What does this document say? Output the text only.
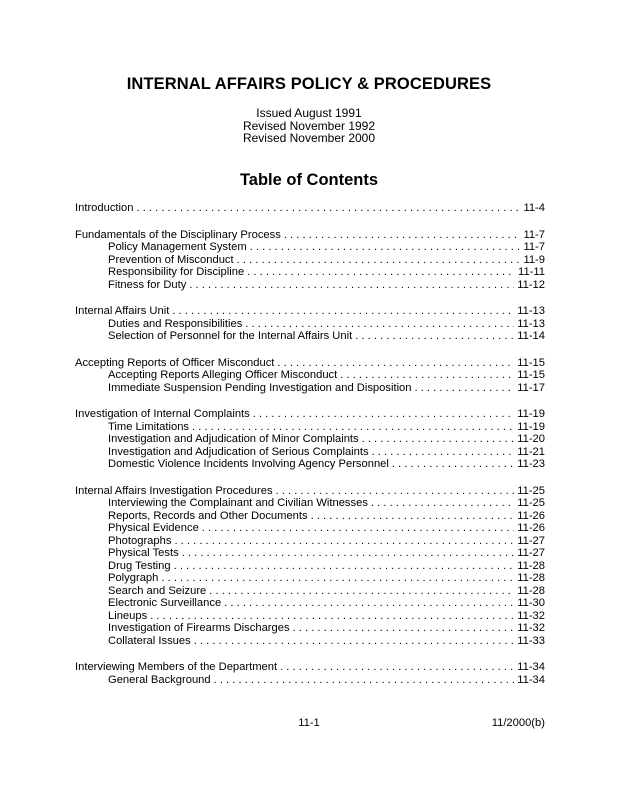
INTERNAL AFFAIRS POLICY & PROCEDURES
Issued August 1991
Revised November 1992
Revised November 2000
Table of Contents
Introduction . . .	11-4
Fundamentals of the Disciplinary Process . . .	11-7
Policy Management System . . .	11-7
Prevention of Misconduct . . .	11-9
Responsibility for Discipline . . .	11-11
Fitness for Duty . . .	11-12
Internal Affairs Unit . . .	11-13
Duties and Responsibilities . . .	11-13
Selection of Personnel for the Internal Affairs Unit . . .	11-14
Accepting Reports of Officer Misconduct . . .	11-15
Accepting Reports Alleging Officer Misconduct . . .	11-15
Immediate Suspension Pending Investigation and Disposition . . .	11-17
Investigation of Internal Complaints . . .	11-19
Time Limitations . . .	11-19
Investigation and Adjudication of Minor Complaints . . .	11-20
Investigation and Adjudication of Serious Complaints . . .	11-21
Domestic Violence Incidents Involving Agency Personnel . . .	11-23
Internal Affairs Investigation Procedures . . .	11-25
Interviewing the Complainant and Civilian Witnesses . . .	11-25
Reports, Records and Other Documents . . .	11-26
Physical Evidence . . .	11-26
Photographs . . .	11-27
Physical Tests . . .	11-27
Drug Testing . . .	11-28
Polygraph . . .	11-28
Search and Seizure . . .	11-28
Electronic Surveillance . . .	11-30
Lineups . . .	11-32
Investigation of Firearms Discharges . . .	11-32
Collateral Issues . . .	11-33
Interviewing Members of the Department . . .	11-34
General Background . . .	11-34
11-1	11/2000(b)
